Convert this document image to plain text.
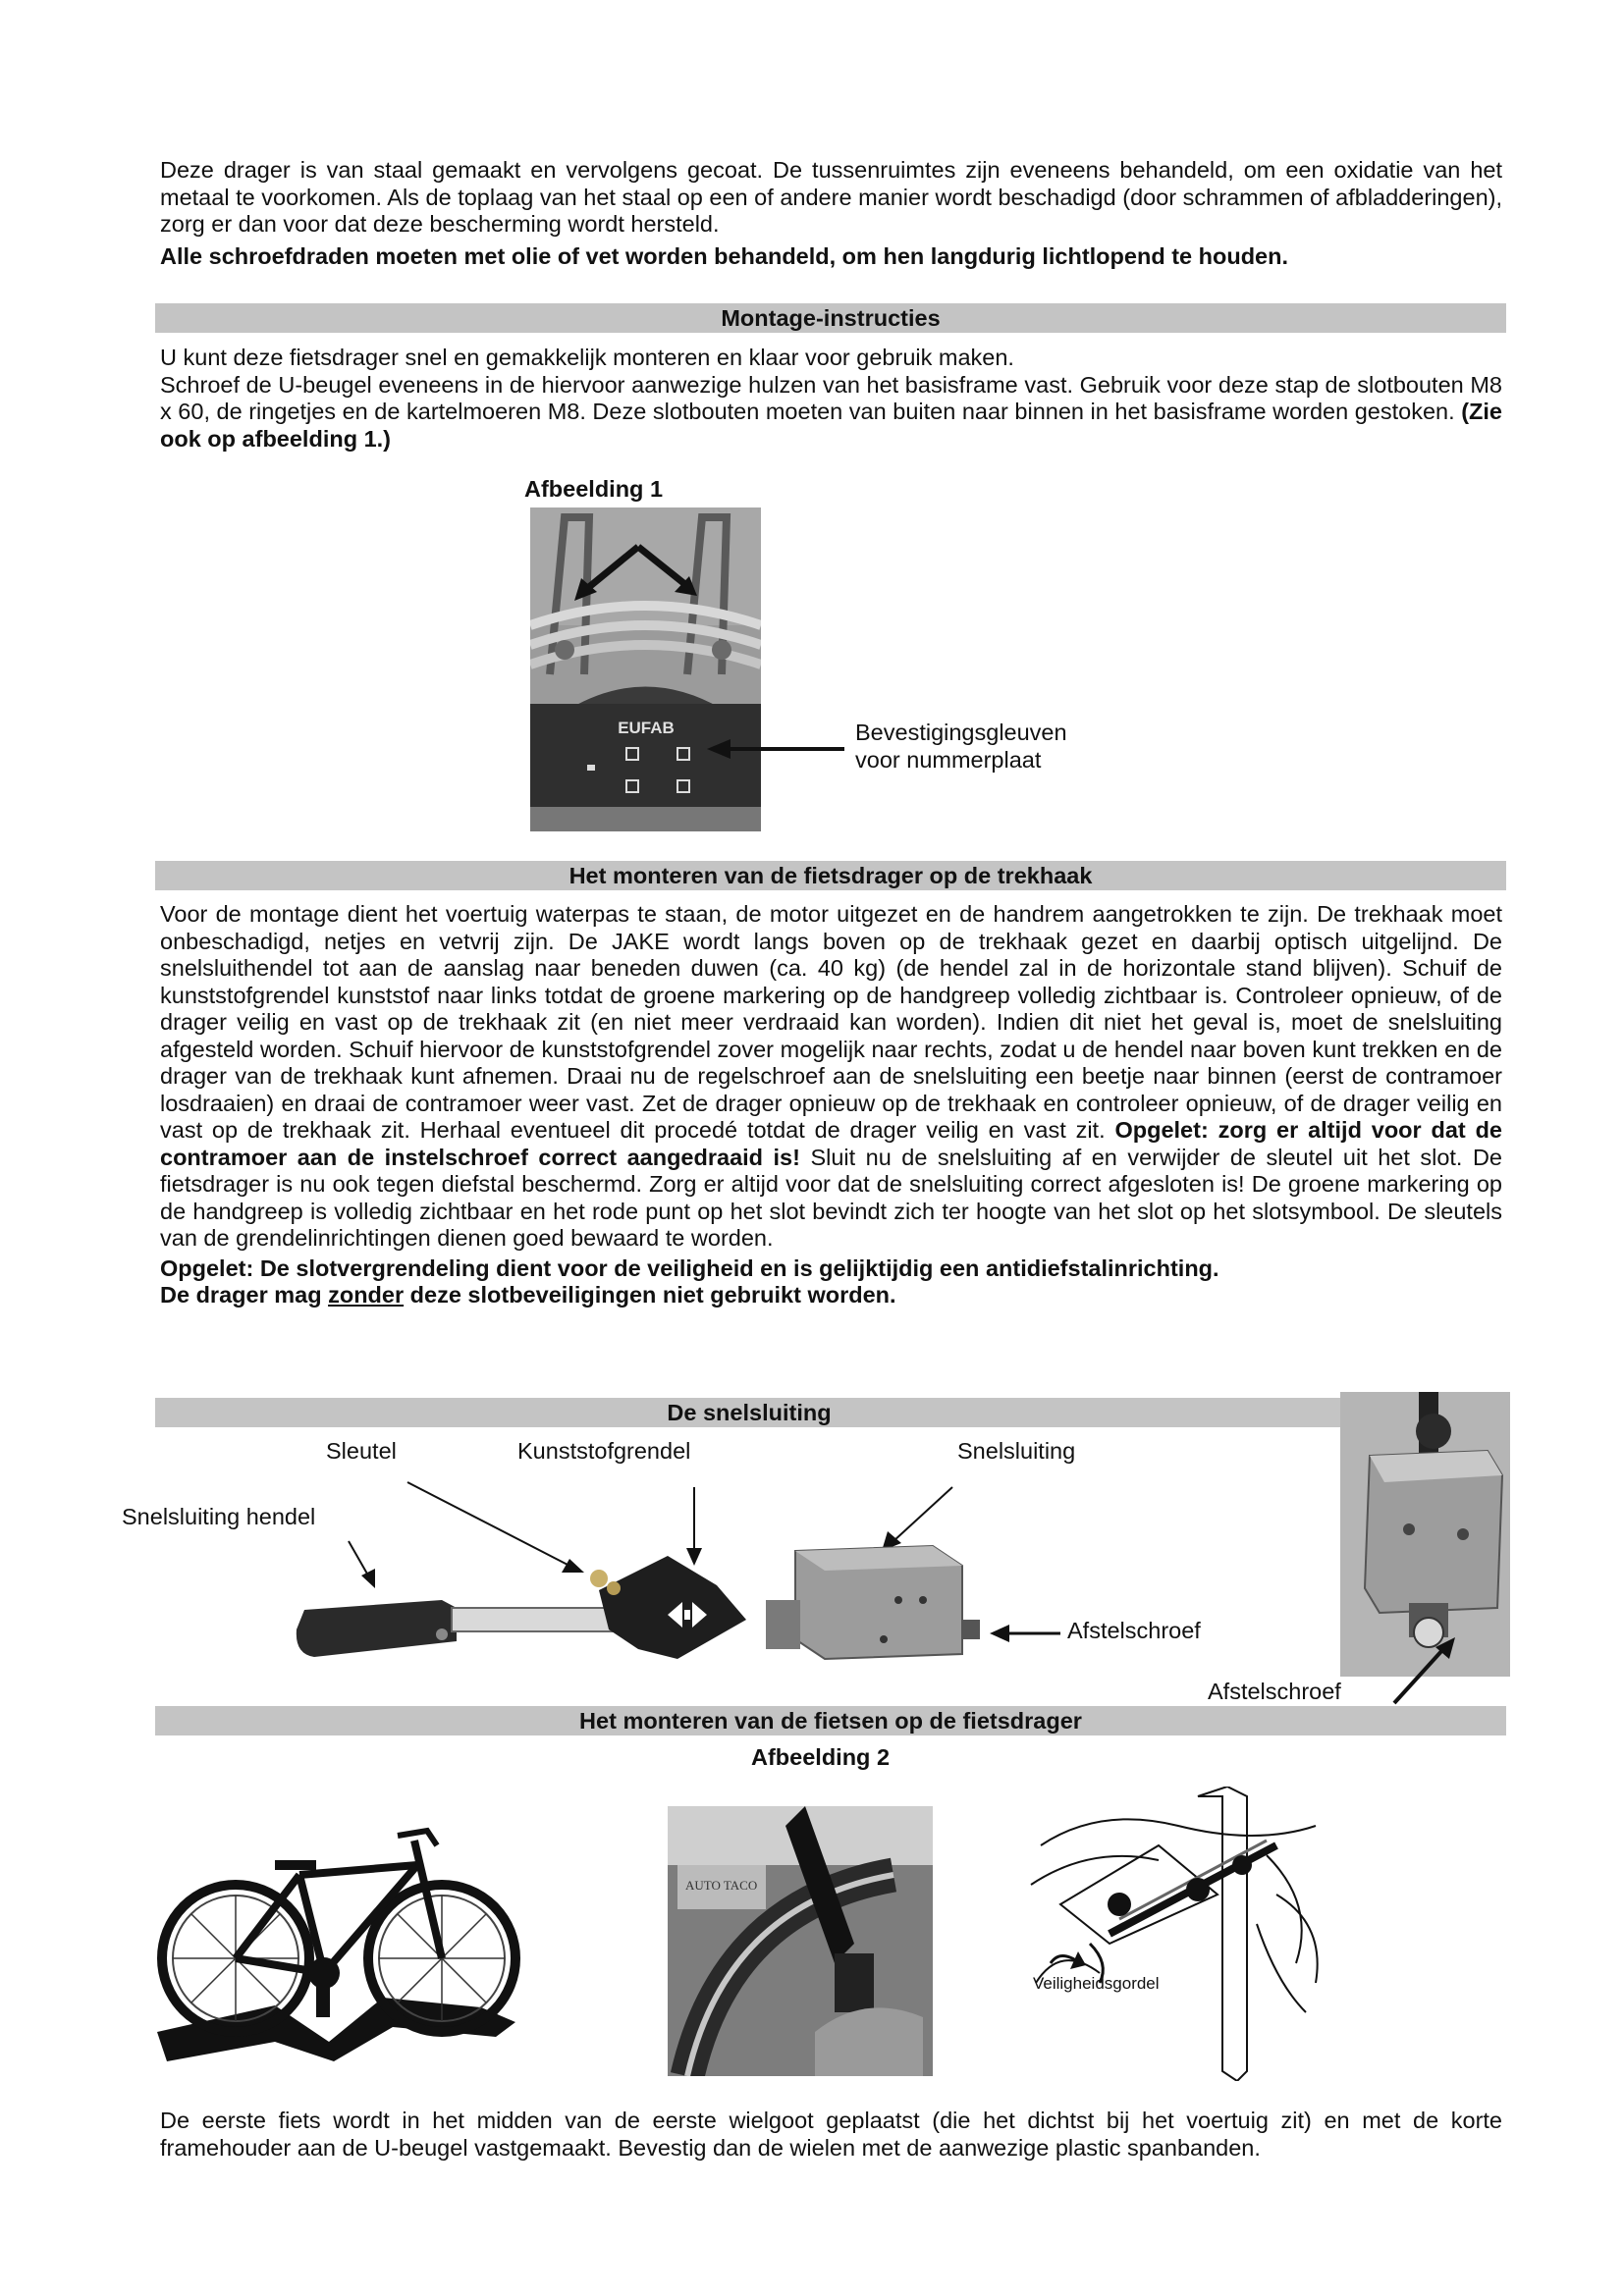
Deze drager is van staal gemaakt en vervolgens gecoat. De tussenruimtes zijn eveneens behandeld, om een oxidatie van het metaal te voorkomen. Als de toplaag van het staal op een of andere manier wordt beschadigd (door schrammen of afbladderingen), zorg er dan voor dat deze bescherming wordt hersteld.

Alle schroefdraden moeten met olie of vet worden behandeld, om hen langdurig lichtlopend te houden.

Montage-instructies

U kunt deze fietsdrager snel en gemakkelijk monteren en klaar voor gebruik maken.

Schroef de U-beugel eveneens in de hiervoor aanwezige hulzen van het basisframe vast. Gebruik voor deze stap de slotbouten M8 x 60, de ringetjes en de kartelmoeren M8. Deze slotbouten moeten van buiten naar binnen in het basisframe worden gestoken. (Zie ook op afbeelding 1.)

Afbeelding 1
EUFAB	Bevestigingsgleuven
voor nummerplaat
Het monteren van de fietsdrager op de trekhaak

Voor de montage dient het voertuig waterpas te staan, de motor uitgezet en de handrem aangetrokken te zijn. De trekhaak moet onbeschadigd, netjes en vetvrij zijn. De JAKE wordt langs boven op de trekhaak gezet en daarbij optisch uitgelijnd. De snelsluithendel tot aan de aanslag naar beneden duwen (ca. 40 kg) (de hendel zal in de horizontale stand blijven). Schuif de kunststofgrendel kunststof naar links totdat de groene markering op de handgreep volledig zichtbaar is. Controleer opnieuw, of de drager veilig en vast op de trekhaak zit (en niet meer verdraaid kan worden). Indien dit niet het geval is, moet de snelsluiting afgesteld worden. Schuif hiervoor de kunststofgrendel zover mogelijk naar rechts, zodat u de hendel naar boven kunt trekken en de drager van de trekhaak kunt afnemen. Draai nu de regelschroef aan de snelsluiting een beetje naar binnen (eerst de contramoer losdraaien) en draai de contramoer weer vast. Zet de drager opnieuw op de trekhaak en controleer opnieuw, of de drager veilig en vast op de trekhaak zit. Herhaal eventueel dit procedé totdat de drager veilig en vast zit. Opgelet: zorg er altijd voor dat de contramoer aan de instelschroef correct aangedraaid is! Sluit nu de snelsluiting af en verwijder de sleutel uit het slot. De fietsdrager is nu ook tegen diefstal beschermd. Zorg er altijd voor dat de snelsluiting correct afgesloten is! De groene markering op de handgreep is volledig zichtbaar en het rode punt op het slot bevindt zich ter hoogte van het slot op het slotsymbool. De sleutels van de grendelinrichtingen dienen goed bewaard te worden.

Opgelet: De slotvergrendeling dient voor de veiligheid en is gelijktijdig een antidiefstalinrichting.

De drager mag zonder deze slotbeveiligingen niet gebruikt worden.

De snelsluiting
Sleutel	Kunststofgrendel	Snelsluiting
Snelsluiting hendel
Afstelschroef
Afstelschroef
Het monteren van de fietsen op de fietsdrager
Afbeelding 2
AUTO TACO
Veiligheidsgordel
De eerste fiets wordt in het midden van de eerste wielgoot geplaatst (die het dichtst bij het voertuig zit) en met de korte framehouder aan de U-beugel vastgemaakt. Bevestig dan de wielen met de aanwezige plastic spanbanden.
